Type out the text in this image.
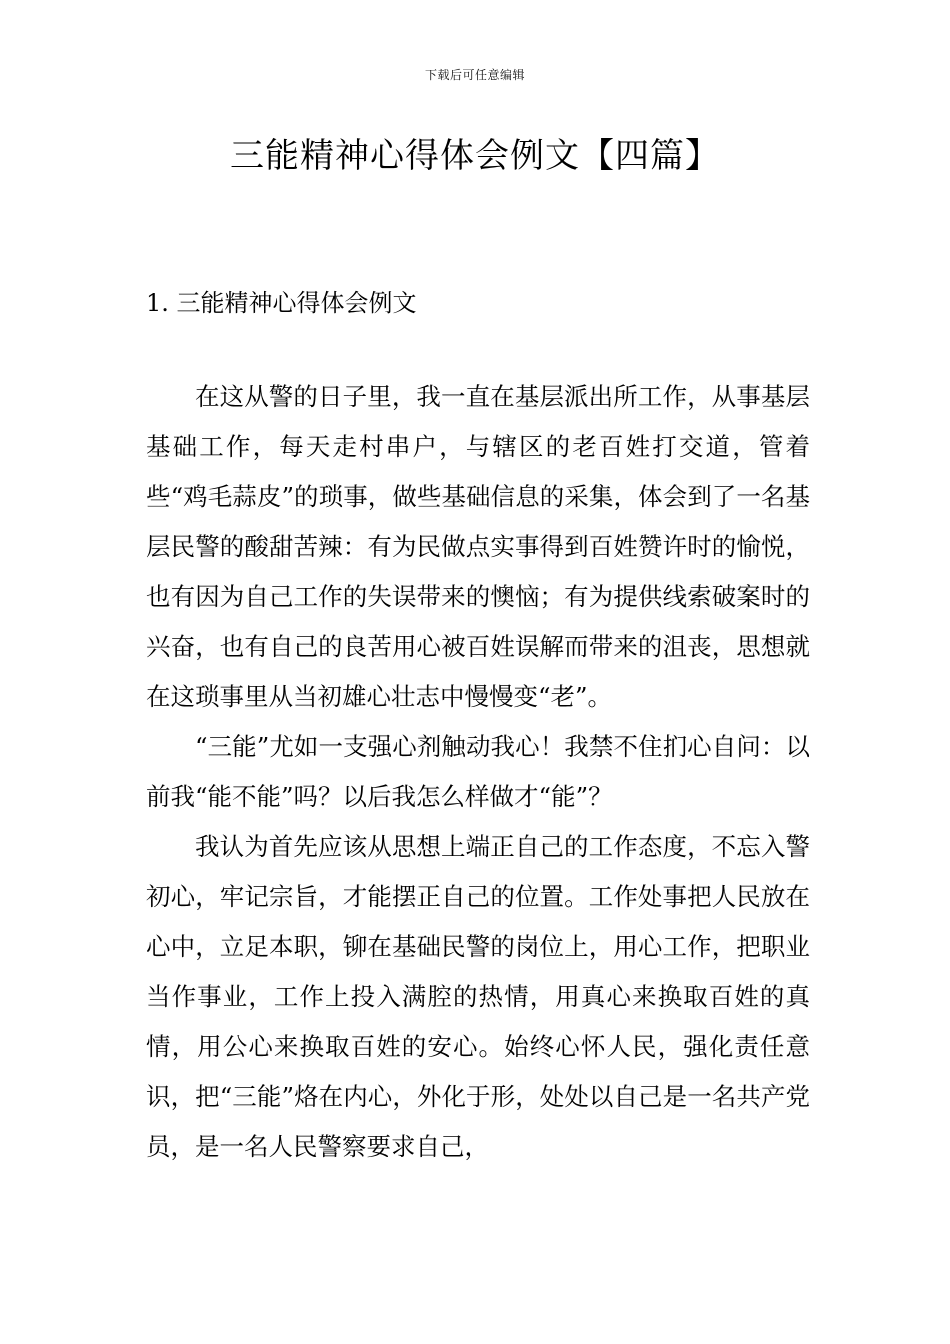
下载后可任意编辑
三能精神心得体会例文【四篇】
1. 三能精神心得体会例文

在这从警的日子里，我一直在基层派出所工作，从事基层基础工作，每天走村串户，与辖区的老百姓打交道，管着些“鸡毛蒜皮”的琐事，做些基础信息的采集，体会到了一名基层民警的酸甜苦辣：有为民做点实事得到百姓赞许时的愉悦，也有因为自己工作的失误带来的懊恼；有为提供线索破案时的兴奋，也有自己的良苦用心被百姓误解而带来的沮丧，思想就在这琐事里从当初雄心壮志中慢慢变“老”。

“三能”尤如一支强心剂触动我心！我禁不住扪心自问：以前我“能不能”吗？以后我怎么样做才“能”？

我认为首先应该从思想上端正自己的工作态度，不忘入警初心，牢记宗旨，才能摆正自己的位置。工作处事把人民放在心中，立足本职，铆在基础民警的岗位上，用心工作，把职业当作事业，工作上投入满腔的热情，用真心来换取百姓的真情，用公心来换取百姓的安心。始终心怀人民，强化责任意识，把“三能”烙在内心，外化于形，处处以自己是一名共产党员，是一名人民警察要求自己，
